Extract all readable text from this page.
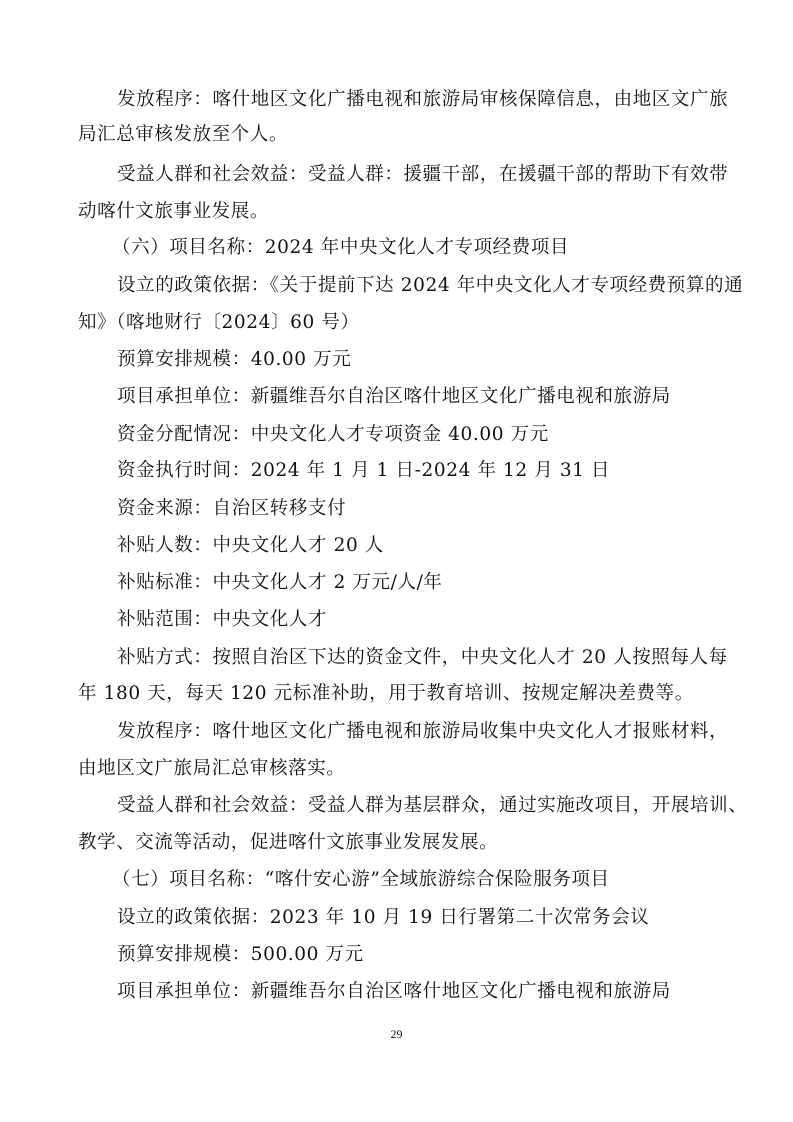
发放程序：喀什地区文化广播电视和旅游局审核保障信息，由地区文广旅
局汇总审核发放至个人。
受益人群和社会效益：受益人群：援疆干部，在援疆干部的帮助下有效带
动喀什文旅事业发展。
（六）项目名称：2024 年中央文化人才专项经费项目
设立的政策依据：《关于提前下达 2024 年中央文化人才专项经费预算的通
知》（喀地财行〔2024〕60 号）
预算安排规模：40.00 万元
项目承担单位：新疆维吾尔自治区喀什地区文化广播电视和旅游局
资金分配情况：中央文化人才专项资金 40.00 万元
资金执行时间：2024 年 1 月 1 日-2024 年 12 月 31 日
资金来源：自治区转移支付
补贴人数：中央文化人才 20 人
补贴标准：中央文化人才 2 万元/人/年
补贴范围：中央文化人才
补贴方式：按照自治区下达的资金文件，中央文化人才 20 人按照每人每
年 180 天，每天 120 元标准补助，用于教育培训、按规定解决差费等。
发放程序：喀什地区文化广播电视和旅游局收集中央文化人才报账材料，
由地区文广旅局汇总审核落实。
受益人群和社会效益：受益人群为基层群众，通过实施改项目，开展培训、
教学、交流等活动，促进喀什文旅事业发展发展。
（七）项目名称：“喀什安心游”全域旅游综合保险服务项目
设立的政策依据：2023 年 10 月 19 日行署第二十次常务会议
预算安排规模：500.00 万元
项目承担单位：新疆维吾尔自治区喀什地区文化广播电视和旅游局
29
